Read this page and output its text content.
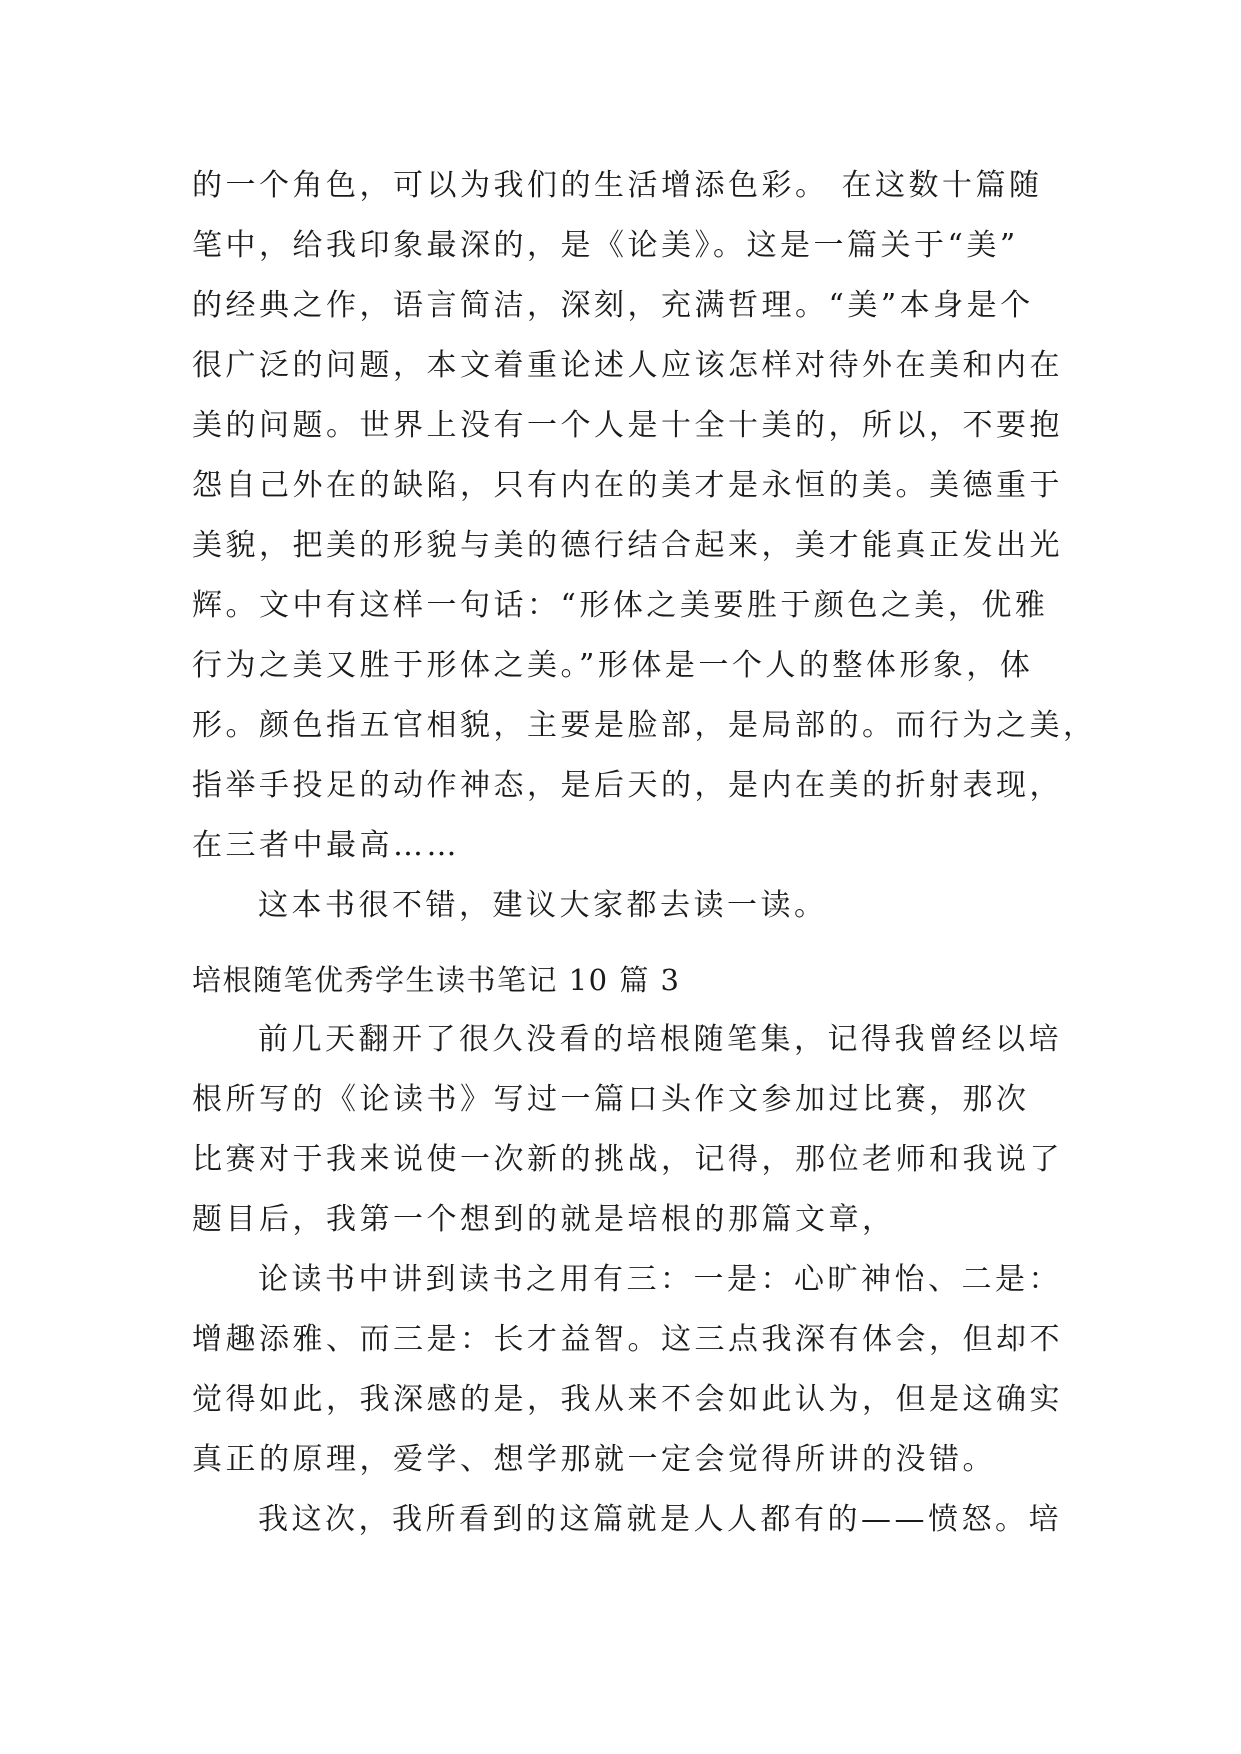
的一个角色，可以为我们的生活增添色彩。 在这数十篇随
笔中，给我印象最深的，是《论美》。这是一篇关于“美”
的经典之作，语言简洁，深刻，充满哲理。“美”本身是个
很广泛的问题，本文着重论述人应该怎样对待外在美和内在
美的问题。世界上没有一个人是十全十美的，所以，不要抱
怨自己外在的缺陷，只有内在的美才是永恒的美。美德重于
美貌，把美的形貌与美的德行结合起来，美才能真正发出光
辉。文中有这样一句话：“形体之美要胜于颜色之美，优雅
行为之美又胜于形体之美。”形体是一个人的整体形象，体
形。颜色指五官相貌，主要是脸部，是局部的。而行为之美，
指举手投足的动作神态，是后天的，是内在美的折射表现，
在三者中最高……
这本书很不错，建议大家都去读一读。
培根随笔优秀学生读书笔记 10 篇 3
前几天翻开了很久没看的培根随笔集，记得我曾经以培
根所写的《论读书》写过一篇口头作文参加过比赛，那次
比赛对于我来说使一次新的挑战，记得，那位老师和我说了
题目后，我第一个想到的就是培根的那篇文章，
论读书中讲到读书之用有三：一是：心旷神怡、二是：
增趣添雅、而三是：长才益智。这三点我深有体会，但却不
觉得如此，我深感的是，我从来不会如此认为，但是这确实
真正的原理，爱学、想学那就一定会觉得所讲的没错。
我这次，我所看到的这篇就是人人都有的——愤怒。培
